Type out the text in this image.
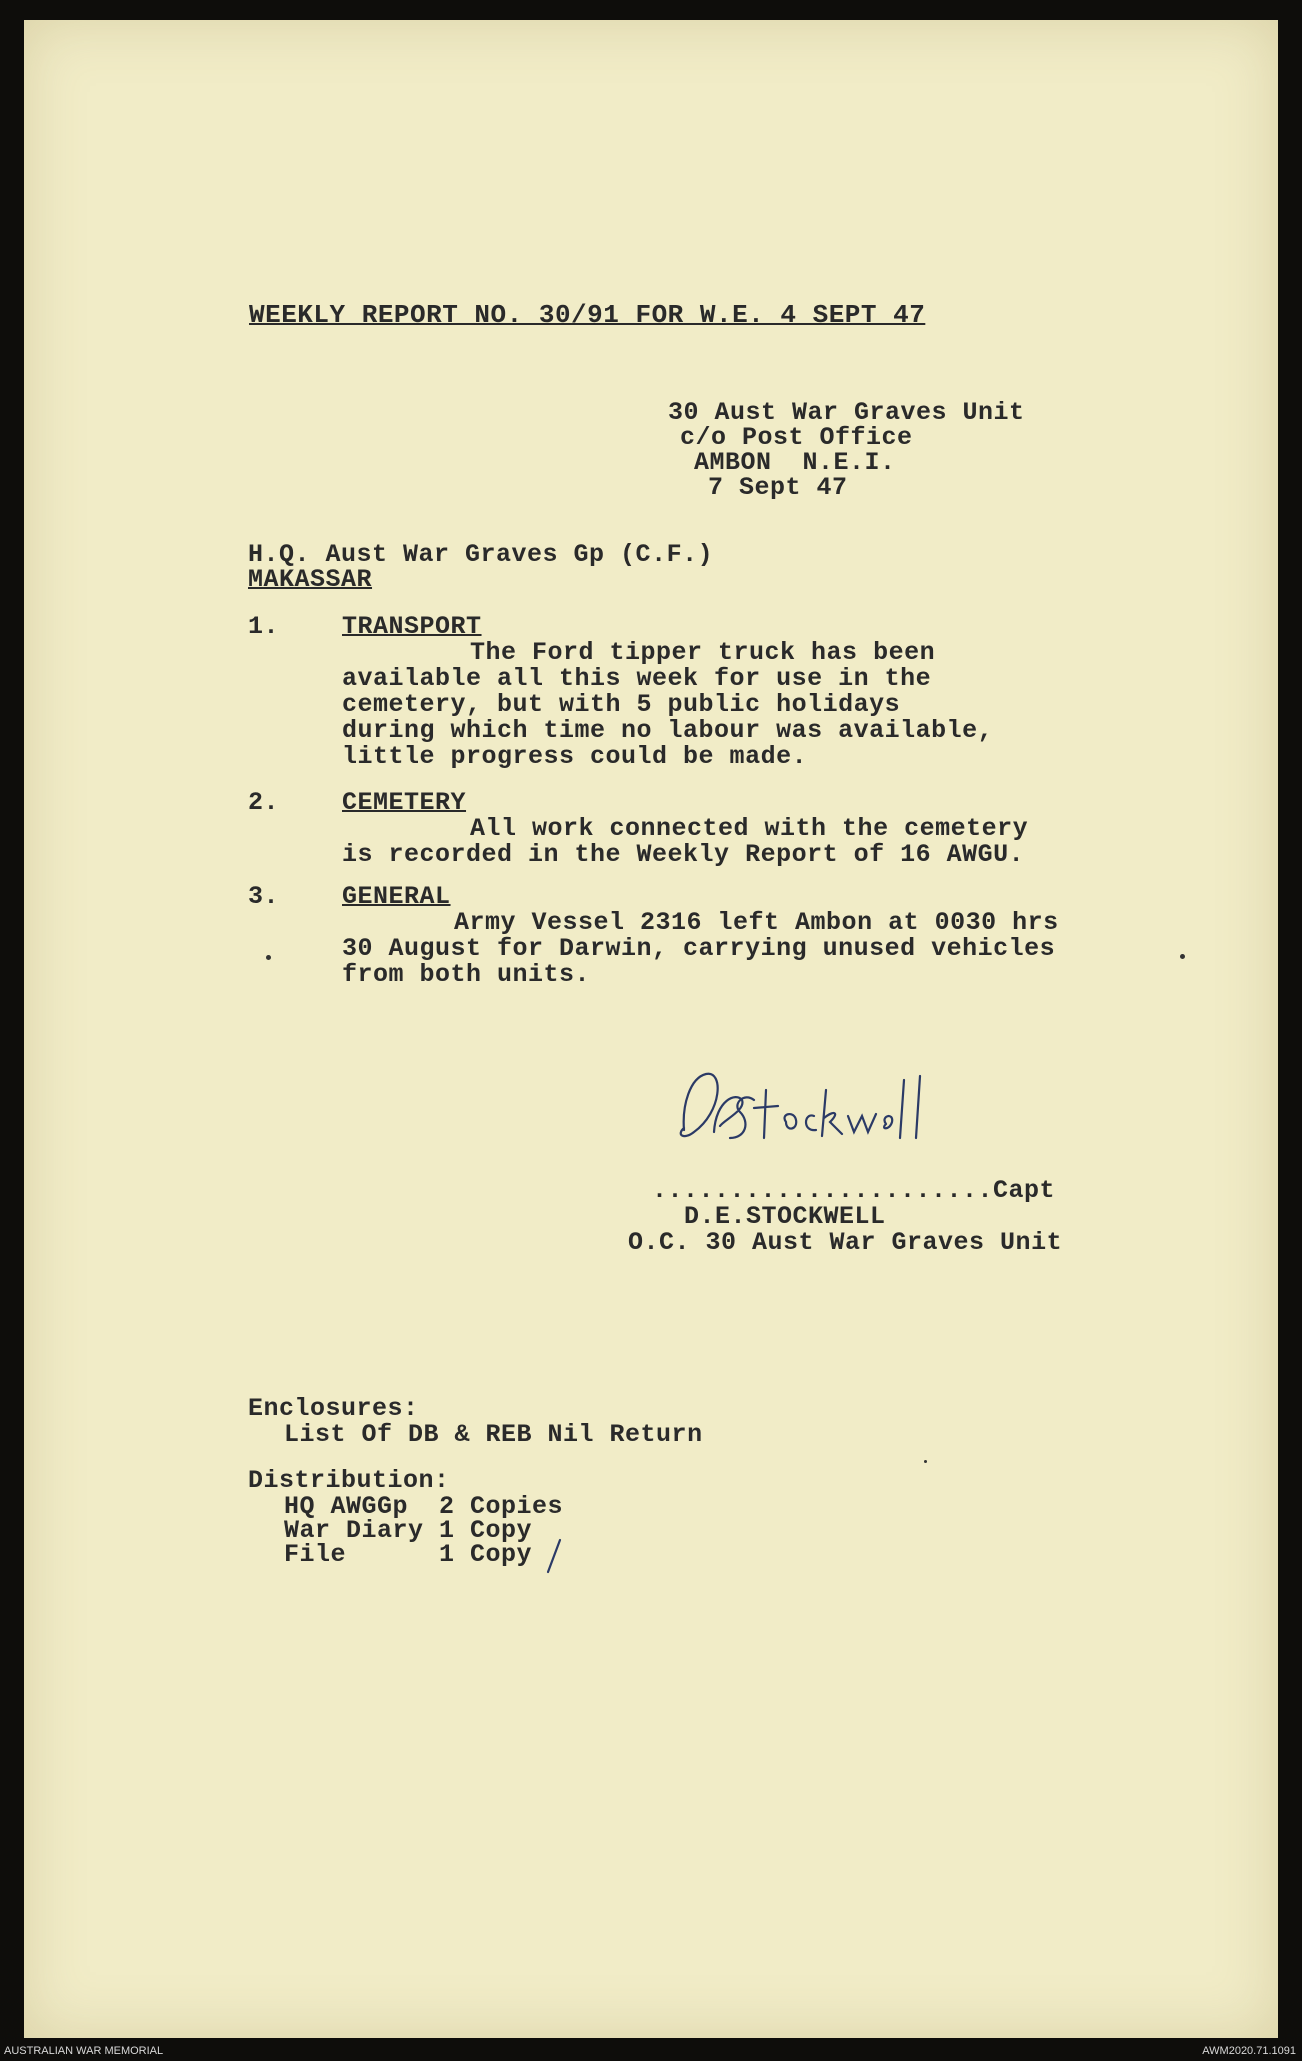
WEEKLY REPORT NO. 30/91 FOR W.E. 4 SEPT 47
30 Aust War Graves Unit
c/o Post Office
AMBON  N.E.I.
7 Sept 47
H.Q. Aust War Graves Gp (C.F.)
MAKASSAR
1.	TRANSPORT
The Ford tipper truck has been
available all this week for use in the
cemetery, but with 5 public holidays
during which time no labour was available,
little progress could be made.
2.	CEMETERY
All work connected with the cemetery
is recorded in the Weekly Report of 16 AWGU.
3.	GENERAL
Army Vessel 2316 left Ambon at 0030 hrs
30 August for Darwin, carrying unused vehicles
from both units.
......................Capt
D.E.STOCKWELL
O.C. 30 Aust War Graves Unit
Enclosures:
List Of DB & REB Nil Return
Distribution:
HQ AWGGp  2 Copies
War Diary 1 Copy
File      1 Copy
AUSTRALIAN WAR MEMORIAL	AWM2020.71.1091
